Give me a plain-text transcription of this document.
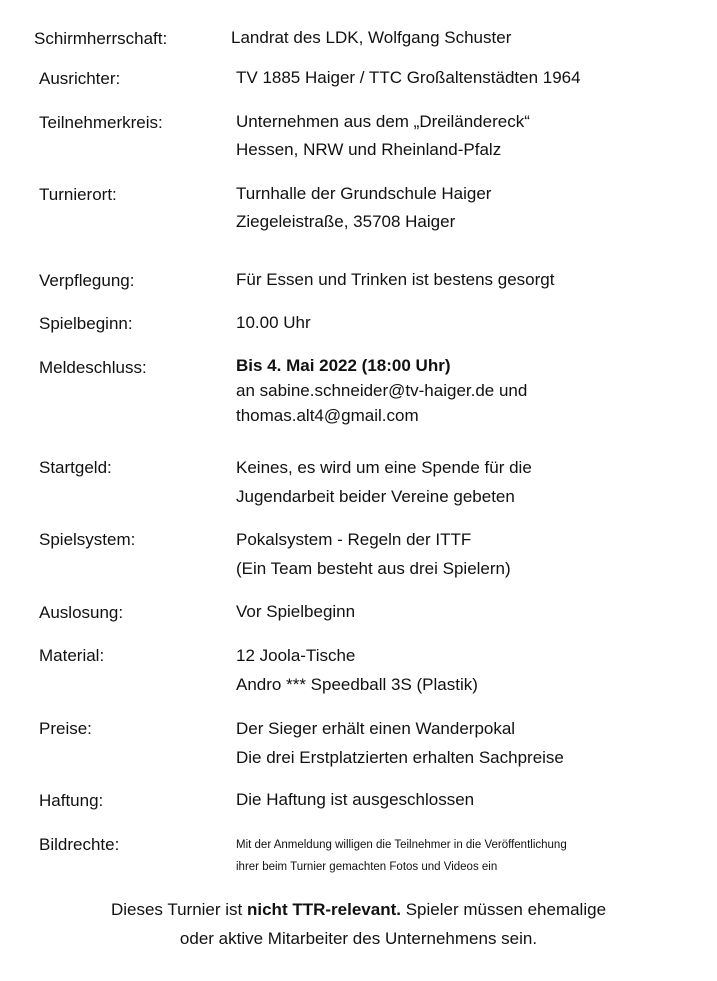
Schirmherrschaft:	Landrat des LDK, Wolfgang Schuster
Ausrichter:	TV 1885 Haiger / TTC Großaltenstädten 1964
Teilnehmerkreis:	Unternehmen aus dem „Dreiländereck“
Hessen, NRW und Rheinland-Pfalz
Turnierort:	Turnhalle der Grundschule Haiger
Ziegeleistraße, 35708 Haiger
Verpflegung:	Für Essen und Trinken ist bestens gesorgt
Spielbeginn:	10.00 Uhr
Meldeschluss:	Bis 4. Mai 2022 (18:00 Uhr)
an sabine.schneider@tv-haiger.de und
thomas.alt4@gmail.com
Startgeld:	Keines, es wird um eine Spende für die
Jugendarbeit beider Vereine gebeten
Spielsystem:	Pokalsystem - Regeln der ITTF
(Ein Team besteht aus drei Spielern)
Auslosung:	Vor Spielbeginn
Material:	12 Joola-Tische
Andro *** Speedball 3S (Plastik)
Preise:	Der Sieger erhält einen Wanderpokal
Die drei Erstplatzierten erhalten Sachpreise
Haftung:	Die Haftung ist ausgeschlossen
Bildrechte:	Mit der Anmeldung willigen die Teilnehmer in die Veröffentlichung
ihrer beim Turnier gemachten Fotos und Videos ein
Dieses Turnier ist nicht TTR-relevant. Spieler müssen ehemalige
oder aktive Mitarbeiter des Unternehmens sein.
